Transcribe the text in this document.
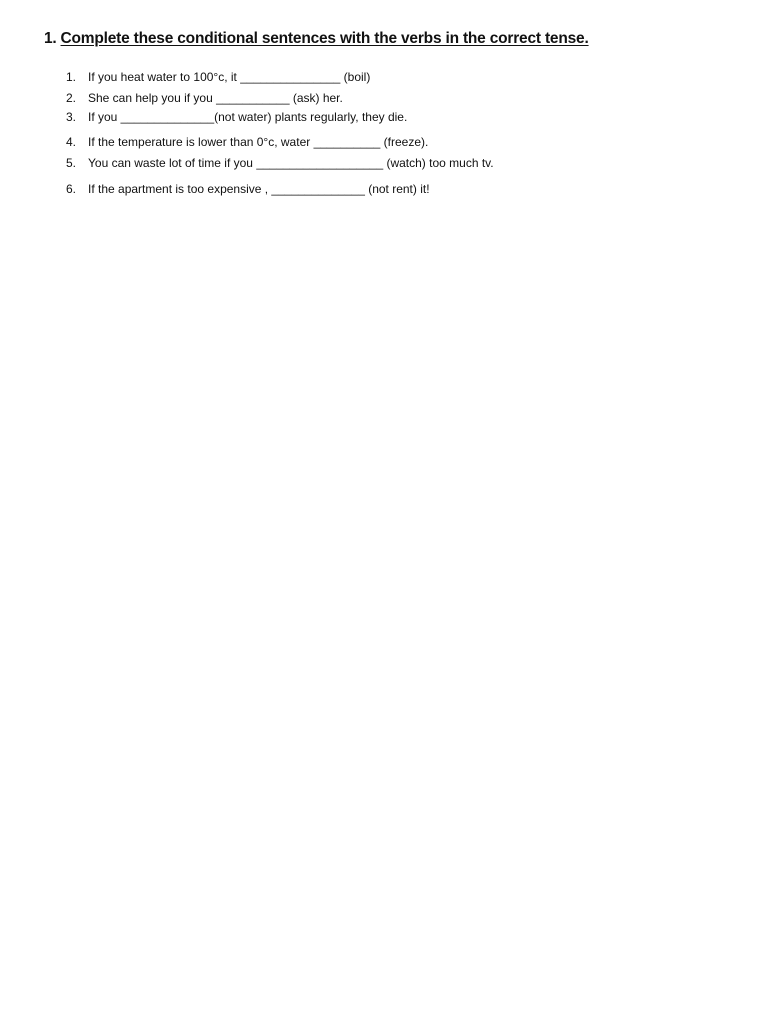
1. Complete these conditional sentences with the verbs in the correct tense.
1. If you heat water to 100°c, it _______________ (boil)
2. She can help you if you ___________ (ask) her.
3. If you ______________(not water) plants regularly, they die.
4. If the temperature is lower than 0°c, water __________ (freeze).
5. You can waste lot of time if you ___________________ (watch) too much tv.
6. If the apartment is too expensive , ______________ (not rent) it!
